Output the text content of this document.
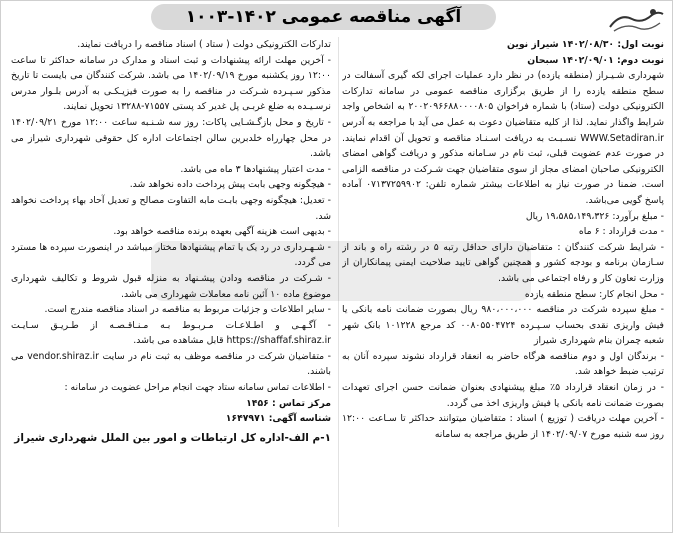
آگهی مناقصه عمومی ۱۴۰۲-۱۰۰۳

نوبت اول: ۱۴۰۲/۰۸/۳۰ شیراز نوین

نوبت دوم: ۱۴۰۲/۰۹/۰۱ سبحان

شهرداری شـیـراز (منطقه یازده) در نظر دارد عملیات اجرای لکه گیری آسفالت در سطح منطقه یازده را از طریق برگزاری مناقصه عمومی در سامانه تدارکات الکترونیکی دولت (ستاد) با شماره فراخوان ۲۰۰۲۰۹۶۶۸۸۰۰۰۰۸۰۵ به اشخاص واجد شرایط واگذار نماید. لذا از کلیه متقاضیان دعوت به عمل می آید با مراجعه به آدرس WWW.Setadiran.ir نسـبـت به دریافت اسـنـاد مناقصه و تحویل آن اقدام نمایند. در صورت عدم عضویت قبلی، ثبت نام در سـامانه مذکور و دریافت گواهی امضای الکترونیکی صاحبان امضای مجاز از سوی متقاضیان جهت شـرکت در مناقصه الزامی است. ضمنا در صورت نیاز به اطلاعات بیشتر شماره تلفن: ۰۷۱۳۷۲۵۹۹۰۲ آماده پاسخ گویی می‌باشد.

- مبلغ برآورد: ۱۹،۵۸۵،۱۴۹،۳۲۶ ریال

- مدت قرارداد : ۶ ماه

- شرایط شرکت کنندگان : متقاضیان دارای حداقل رتبه ۵ در رشته راه و باند از سـازمان برنامه و بودجه کشور و همچنین گواهی تایید صلاحیت ایمنی پیمانکاران از وزارت تعاون کار و رفاه اجتماعی می باشد.

- محل انجام کار: سطح منطقه یازده

- مبلغ سپرده شرکت در مناقصه ۹۸۰،۰۰۰،۰۰۰ ریال بصورت ضمانت نامه بانکی یا فیش واریزی نقدی بحساب سـپـرده ۰۰۸۰۵۵۰۴۷۲۴ کد مرجع ۱۰۱۲۲۸ بانک شهر شعبه چمران بنام شهرداری شیراز

- برندگان اول و دوم مناقصه هرگاه حاضر به انعقاد قرارداد نشوند سپرده آنان به ترتیب ضبط خواهد شد.

- در زمان انعقاد قرارداد ۵٪ مبلغ پیشنهادی بعنوان ضمانت حسن اجرای تعهدات بصورت ضمانت نامه بانکی یا فیش واریزی اخذ می گردد.

- آخرین مهلت دریافت ( توزیع ) اسناد : متقاضیان میتوانند حداکثر تا سـاعت ۱۲:۰۰ روز سه شنبه مورخ ۱۴۰۲/۰۹/۰۷ از طریق مراجعه به سامانه

تدارکات الکترونیکی دولت ( ستاد ) اسناد مناقصه را دریافت نمایند.

- آخرین مهلت ارائه پیشنهادات و ثبت اسناد و مدارک در سامانه حداکثر تا ساعت ۱۲:۰۰ روز یکشنبه مورخ ۱۴۰۲/۰۹/۱۹ می باشد. شرکت کنندگان می بایست تا تاریخ مذکور سـپـرده شـرکت در مناقصه را به صورت فیزیـکـی به آدرس بلـوار مدرس نرسـیـده به ضلع غربـی پل غدیر کد پستی ۷۱۵۵۷-۱۳۲۸۸ تحویل نمایند.

- تاریخ و محل بازگـشـایی پاکات: روز سه شـنـبه ساعت ۱۲:۰۰ مورخ ۱۴۰۲/۰۹/۲۱ در محل چهارراه خلدبرین سالن اجتماعات اداره کل حقوقی شهرداری شیراز می باشد.

- مدت اعتبار پیشنهادها ۳ ماه می باشد.

- هیچگونه وجهی بابت پیش پرداخت داده نخواهد شد.

- تعدیل: هیچگونه وجهی بابـت مابه التفاوت مصالح و تعدیل آحاد بهاء پرداخت نخواهد شد.

- بدیهی است هزینه آگهی بعهده برنده مناقصه خواهد بود.

- شـهـرداری در رد یک یا تمام پیشنهادها مختار میباشد در اینصورت سپرده ها مسترد می گردد.

- شـرکت در مناقصه ودادن پیشـنهاد به منزله قبول شروط و تکالیف شهرداری موضوع ماده ۱۰ آئین نامه معاملات شهرداری می باشد.

- سایر اطلاعات و جزئیات مربوط به مناقصه در اسناد مناقصه مندرج است.

- آگـهـی و اطـلاعـات مـربـوط بـه مـنـاقـصـه از طـریـق سـایـت https://shaffaf.shiraz.ir قابل مشاهده می باشد.

- متقاضیان شرکت در مناقصه موظف به ثبت نام در سایت vendor.shiraz.ir می باشند.

- اطلاعات تماس سامانه ستاد جهت انجام مراحل عضویت در سامانه :

مرکز تماس : ۱۴۵۶

شناسه آگهی: ۱۶۴۷۹۷۱

۱-م الف-اداره کل ارتباطات و امور بین الملل شهرداری شیراز
